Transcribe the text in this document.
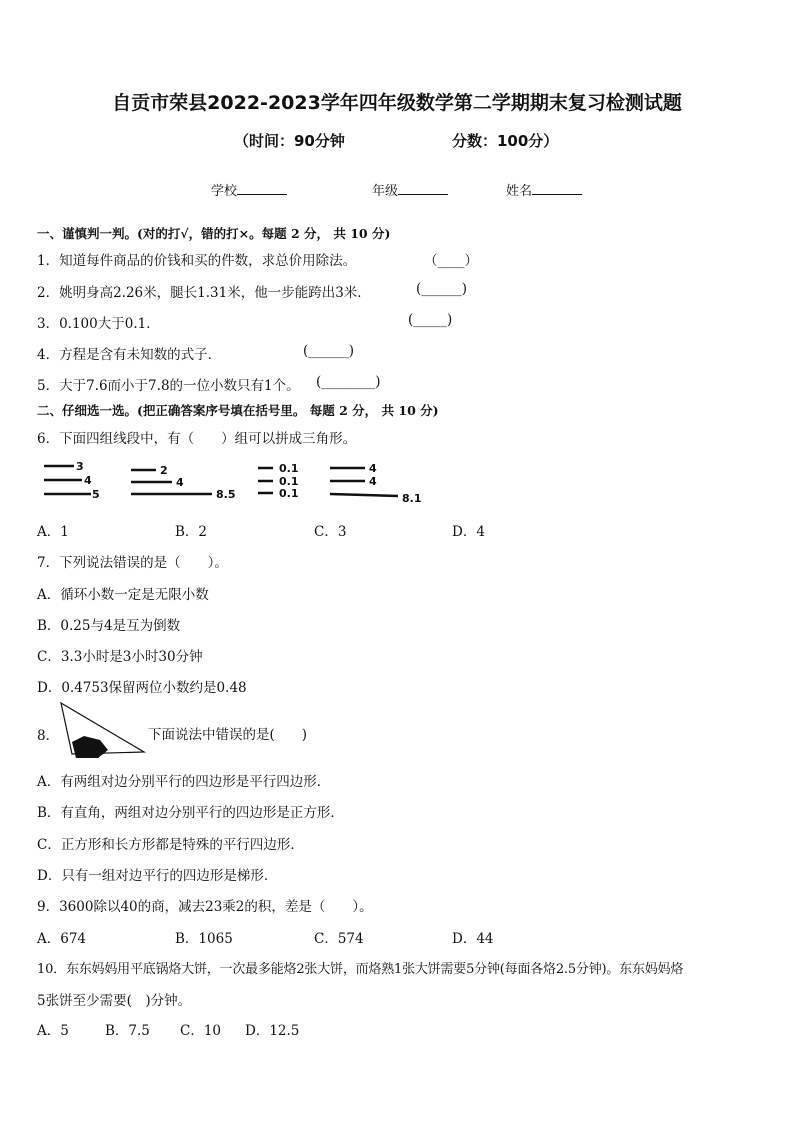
自贡市荣县2022-2023学年四年级数学第二学期期末复习检测试题
（时间：90分钟	分数：100分）
学校	年级	姓名
一、谨慎判一判。(对的打√，错的打×。每题 2 分， 共 10 分)
1．知道每件商品的价钱和买的件数，求总价用除法。	（____）
2．姚明身高2.26米，腿长1.31米，他一步能跨出3米．	(______)
3．0.100大于0.1．	(_____)
4．方程是含有未知数的式子．	(______)
5．大于7.6而小于7.8的一位小数只有1个。 (________)
二、仔细选一选。(把正确答案序号填在括号里。 每题 2 分， 共 10 分)
6．下面四组线段中，有（　　）组可以拼成三角形。
3
4
5
2
4
8.5
0.1
0.1
0.1
4
4
8.1
A．1	B．2	C．3	D．4
7．下列说法错误的是（　　）。
A．循环小数一定是无限小数
B．0.25与4是互为倒数
C．3.3小时是3小时30分钟
D．0.4753保留两位小数约是0.48
8．	下面说法中错误的是(　　)
A．有两组对边分别平行的四边形是平行四边形．
B．有直角，两组对边分别平行的四边形是正方形．
C．正方形和长方形都是特殊的平行四边形．
D．只有一组对边平行的四边形是梯形．
9．3600除以40的商，减去23乘2的积，差是（　　）。
A．674	B．1065	C．574	D．44
10．东东妈妈用平底锅烙大饼，一次最多能烙2张大饼，而烙熟1张大饼需要5分钟(每面各烙2.5分钟)。东东妈妈烙
5张饼至少需要(　)分钟。
A．5	B．7.5 C．10 D．12.5
